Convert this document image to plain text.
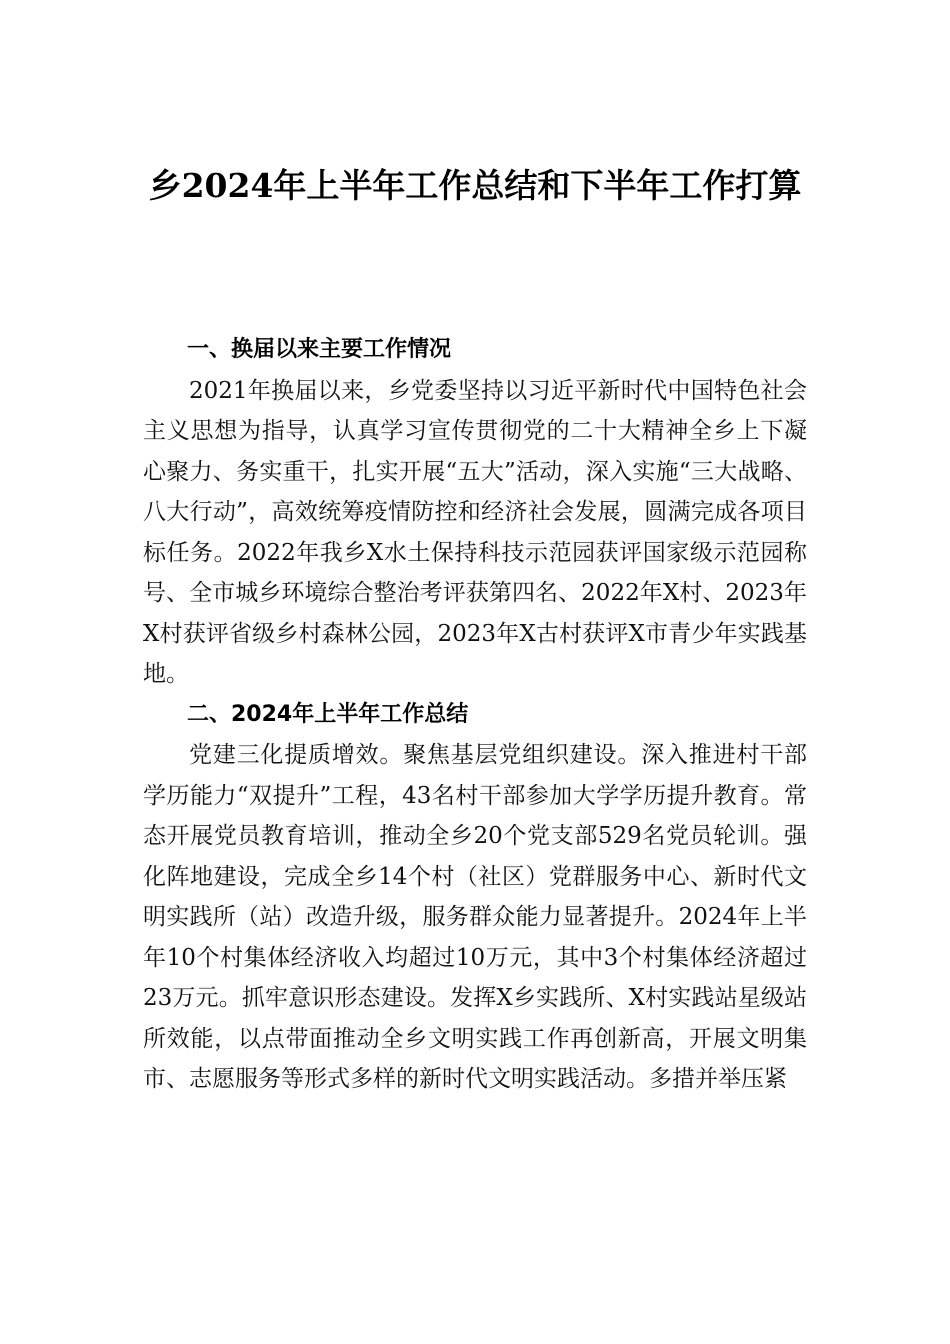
乡2024年上半年工作总结和下半年工作打算

一、换届以来主要工作情况

2021年换届以来，乡党委坚持以习近平新时代中国特色社会主义思想为指导，认真学习宣传贯彻党的二十大精神全乡上下凝心聚力、务实重干，扎实开展“五大”活动，深入实施“三大战略、八大行动”，高效统筹疫情防控和经济社会发展，圆满完成各项目标任务。2022年我乡X水土保持科技示范园获评国家级示范园称号、全市城乡环境综合整治考评获第四名、2022年X村、2023年X村获评省级乡村森林公园，2023年X古村获评X市青少年实践基地。

二、2024年上半年工作总结

党建三化提质增效。聚焦基层党组织建设。深入推进村干部学历能力“双提升”工程，43名村干部参加大学学历提升教育。常态开展党员教育培训，推动全乡20个党支部529名党员轮训。强化阵地建设，完成全乡14个村（社区）党群服务中心、新时代文明实践所（站）改造升级，服务群众能力显著提升。2024年上半年10个村集体经济收入均超过10万元，其中3个村集体经济超过23万元。抓牢意识形态建设。发挥X乡实践所、X村实践站星级站所效能，以点带面推动全乡文明实践工作再创新高，开展文明集市、志愿服务等形式多样的新时代文明实践活动。多措并举压紧
